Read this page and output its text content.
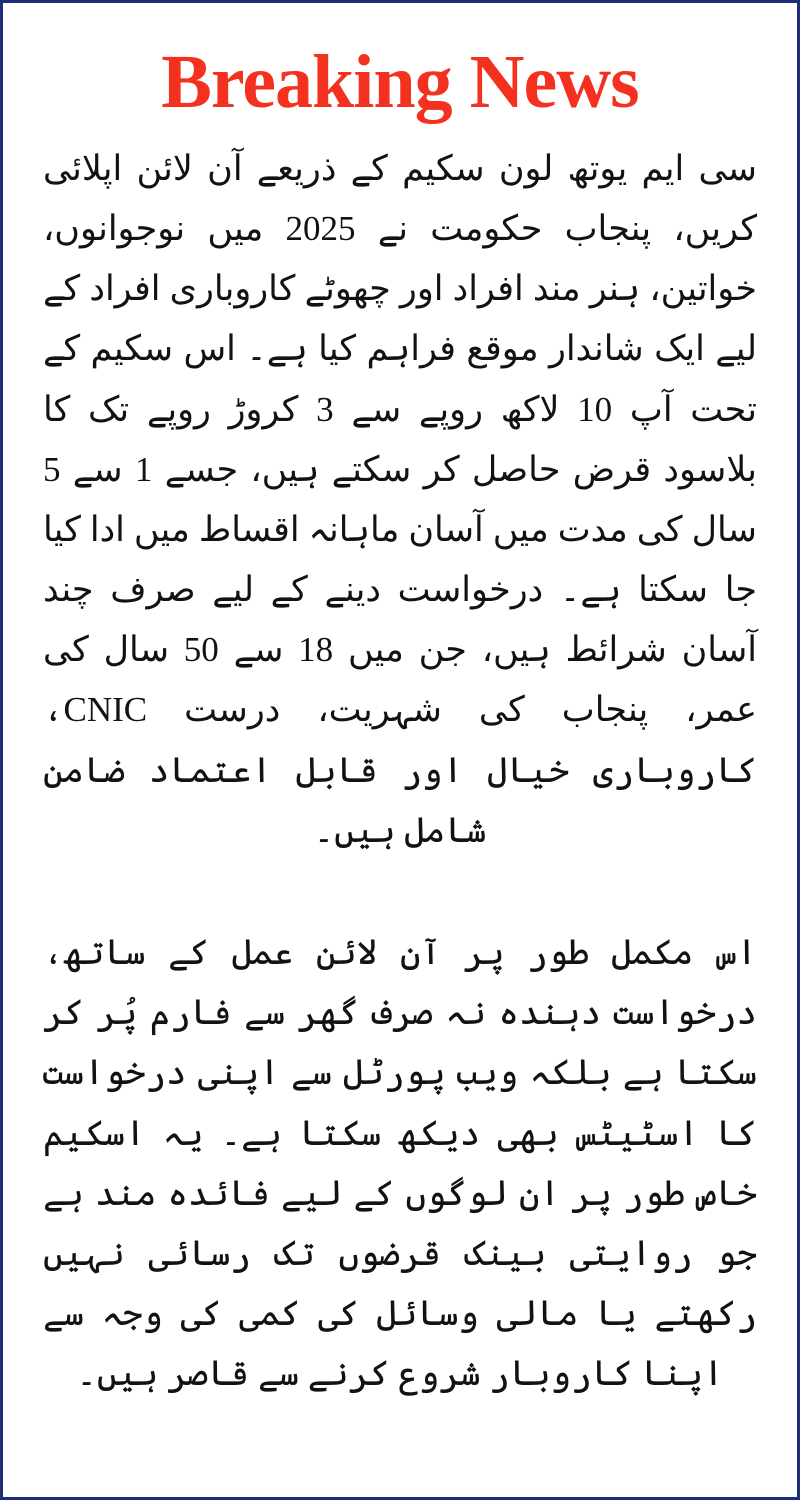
Breaking News
سی ایم یوتھ لون سکیم کے ذریعے آن لائن اپلائی کریں، پنجاب حکومت نے 2025 میں نوجوانوں، خواتین، ہنر مند افراد اور چھوٹے کاروباری افراد کے لیے ایک شاندار موقع فراہم کیا ہے۔ اس سکیم کے تحت آپ 10 لاکھ روپے سے 3 کروڑ روپے تک کا بلاسود قرض حاصل کر سکتے ہیں، جسے 1 سے 5 سال کی مدت میں آسان ماہانہ اقساط میں ادا کیا جا سکتا ہے۔ درخواست دینے کے لیے صرف چند آسان شرائط ہیں، جن میں 18 سے 50 سال کی عمر، پنجاب کی شہریت، درست CNIC، کاروباری خیال اور قابل اعتماد ضامن شامل ہیں۔
اس مکمل طور پر آن لائن عمل کے ساتھ، درخواست دہندہ نہ صرف گھر سے فارم پُر کر سکتا ہے بلکہ ویب پورٹل سے اپنی درخواست کا اسٹیٹس بھی دیکھ سکتا ہے۔ یہ اسکیم خاص طور پر ان لوگوں کے لیے فائدہ مند ہے جو روایتی بینک قرضوں تک رسائی نہیں رکھتے یا مالی وسائل کی کمی کی وجہ سے اپنا کاروبار شروع کرنے سے قاصر ہیں۔
